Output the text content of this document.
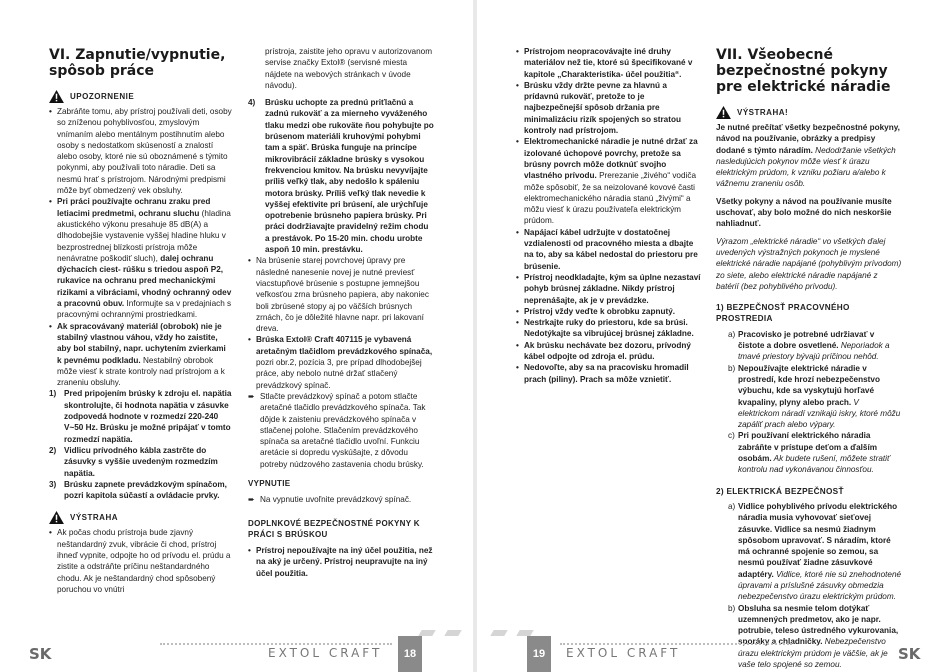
VI. Zapnutie/vypnutie, spôsob práce
UPOZORNENIE

• Zabráňte tomu, aby prístroj používali deti, osoby so zníženou pohyblivosťou, zmyslovým vnímaním alebo mentálnym postihnutím alebo osoby s nedostatkom skúseností a znalostí alebo osoby, ktoré nie sú oboznámené s týmito pokynmi, aby používali toto náradie. Deti sa nesmú hrať s prístrojom. Národnými predpismi môže byť obmedzený vek obsluhy.

• Pri práci používajte ochranu zraku pred letiacimi predmetmi, ochranu sluchu (hladina akustického výkonu presahuje 85 dB(A) a dlhodobejšie vystavenie vyššej hladine hluku v bezprostrednej blízkosti prístroja môže nenávratne poškodiť sluch), dalej ochranu dýchacích ciest- rúšku s triedou aspoň P2, rukavice na ochranu pred mechanickými rizikami a vibráciami, vhodný ochranný odev a pracovnú obuv. Informujte sa v predajniach s pracovnými ochrannými prostriedkami.

• Ak spracovávaný materiál (obrobok) nie je stabilný vlastnou váhou, vždy ho zaistite, aby bol stabilný, napr. uchytením zvierkami k pevnému podkladu. Nestabilný obrobok môže viesť k strate kontroly nad prístrojom a k zraneniu obsluhy.

1) Pred pripojením brúsky k zdroju el. napätia skontrolujte, či hodnota napätia v zásuvke zodpovedá hodnote v rozmedzí 220-240 V~50 Hz. Brúsku je možné pripájať v tomto rozmedzí napätia.

2) Vidlicu prívodného kábla zastrčte do zásuvky s vyššie uvedeným rozmedzím napätia.

3) Brúsku zapnete prevádzkovým spínačom, pozri kapitola súčastí a ovládacie prvky.

VÝSTRAHA

• Ak počas chodu prístroja bude zjavný neštandardný zvuk, vibrácie či chod, prístroj ihneď vypnite, odpojte ho od prívodu el. prúdu a zistite a odstráňte príčinu neštandardného chodu. Ak je neštandardný chod spôsobený poruchou vo vnútri

prístroja, zaistite jeho opravu v autorizovanom servise značky Extol® (servisné miesta nájdete na webových stránkach v úvode návodu).

4) Brúsku uchopte za prednú priťlačnú a zadnú rukoväť a za mierneho vyváženého tlaku medzi obe rukoväte ňou pohybujte po brúsenom materiáli kruhovými pohybmi tam a späť. Brúska funguje na princípe mikrovibrácií základne brúsky s vysokou frekvenciou kmitov. Na brúsku nevyvíjajte príliš veľký tlak, aby nedošlo k spáleniu motora brúsky. Príliš veľký tlak nevedie k vyššej efektivite pri brúsení, ale urýchľuje opotrebenie brúsneho papiera brúsky. Pri práci dodržiavajte pravidelný režim chodu a prestávok. Po 15-20 min. chodu urobte aspoň 10 min. prestávku.

• Na brúsenie starej povrchovej úpravy pre následné nanesenie novej je nutné previesť viacstupňové brúsenie s postupne jemnejšou veľkosťou zrna brúsneho papiera, aby nakoniec boli zbrúsené stopy aj po väčších brúsnych zrnách, čo je dôležité hlavne napr. pri lakovaní dreva.

• Brúska Extol® Craft 407115 je vybavená aretačným tlačidlom prevádzkového spínača, pozri obr.2, pozícia 3, pre prípad dlhodobejšej práce, aby nebolo nutné držať stlačený prevádzkový spínač.

➨ Stlačte prevádzkový spínač a potom stlačte aretačné tlačidlo prevádzkového spínača. Tak dôjde k zaisteniu prevádzkového spínača v stlačenej polohe. Stlačením prevádzkového spínača sa aretačné tlačidlo uvoľní. Funkciu aretácie si dopredu vyskúšajte, z dôvodu potreby núdzového zastavenia chodu brúsky.

VYPNUTIE

➨ Na vypnutie uvoľnite prevádzkový spínač.

DOPLNKOVÉ BEZPEČNOSTNÉ POKYNY K PRÁCI S BRÚSKOU

• Prístroj nepoužívajte na iný účel použitia, než na aký je určený. Prístroj neupravujte na iný účel použitia.

• Prístrojom neopracovávajte iné druhy materiálov než tie, ktoré sú špecifikované v kapitole „Charakteristika- účel použitia“.

• Brúsku vždy držte pevne za hlavnú a prídavnú rukoväť, pretože to je najbezpečnejší spôsob držania pre minimalizáciu rizík spojených so stratou kontroly nad prístrojom.

• Elektromechanické náradie je nutné držať za izolované úchopové povrchy, pretože sa brúsny povrch môže dotknúť svojho vlastného prívodu. Prerezanie „živého“ vodiča môže spôsobiť, že sa neizolované kovové časti elektromechanického náradia stanú „živými“ a môžu viesť k úrazu používateľa elektrickým prúdom.

• Napájací kábel udržujte v dostatočnej vzdialenosti od pracovného miesta a dbajte na to, aby sa kábel nedostal do priestoru pre brúsenie.

• Prístroj neodkladajte, kým sa úplne nezastaví pohyb brúsnej základne. Nikdy prístroj neprenášajte, ak je v prevádzke.

• Prístroj vždy veďte k obrobku zapnutý.

• Nestrkajte ruky do priestoru, kde sa brúsi. Nedotýkajte sa vibrujúcej brúsnej základne.

• Ak brúsku nechávate bez dozoru, prívodný kábel odpojte od zdroja el. prúdu.

• Nedovoľte, aby sa na pracovisku hromadil prach (piliny). Prach sa môže vznietiť.

VII. Všeobecné bezpečnostné pokyny pre elektrické náradie
VÝSTRAHA!

Je nutné prečítať všetky bezpečnostné pokyny, návod na používanie, obrázky a predpisy dodané s týmto náradím. Nedodržanie všetkých nasledujúcich pokynov môže viesť k úrazu elektrickým prúdom, k vzniku požiaru a/alebo k vážnemu zraneniu osôb.

Všetky pokyny a návod na používanie musíte uschovať, aby bolo možné do nich neskoršie nahliadnuť.

Výrazom „elektrické náradie“ vo všetkých ďalej uvedených výstražných pokynoch je myslené elektrické náradie napájané (pohyblivým prívodom) zo siete, alebo elektrické náradie napájané z batérií (bez pohyblivého prívodu).

1) BEZPEČNOSŤ PRACOVNÉHO PROSTREDIA

a) Pracovisko je potrebné udržiavať v čistote a dobre osvetlené. Neporiadok a tmavé priestory bývajú príčinou nehôd.

b) Nepoužívajte elektrické náradie v prostredí, kde hrozí nebezpečenstvo výbuchu, kde sa vyskytujú horľavé kvapaliny, plyny alebo prach. V elektrickom náradí vznikajú iskry, ktoré môžu zapáliť prach alebo výpary.

c) Pri používaní elektrického náradia zabráňte v prístupe deťom a ďalším osobám. Ak budete rušení, môžete stratiť kontrolu nad vykonávanou činnosťou.

2) ELEKTRICKÁ BEZPEČNOSŤ

a) Vidlice pohyblivého prívodu elektrického náradia musia vyhovovať sieťovej zásuvke. Vidlice sa nesmú žiadnym spôsobom upravovať. S náradím, ktoré má ochranné spojenie so zemou, sa nesmú používať žiadne zásuvkové adaptéry. Vidlice, ktoré nie sú znehodnotené úpravami a príslušné zásuvky obmedzia nebezpečenstvo úrazu elektrickým prúdom.

b) Obsluha sa nesmie telom dotýkať uzemnených predmetov, ako je napr. potrubie, teleso ústredného vykurovania, sporáky a chladničky. Nebezpečenstvo úrazu elektrickým prúdom je väčšie, ak je vaše telo spojené so zemou.

SK	EXTOL CRAFT	18	19	EXTOL CRAFT	SK
